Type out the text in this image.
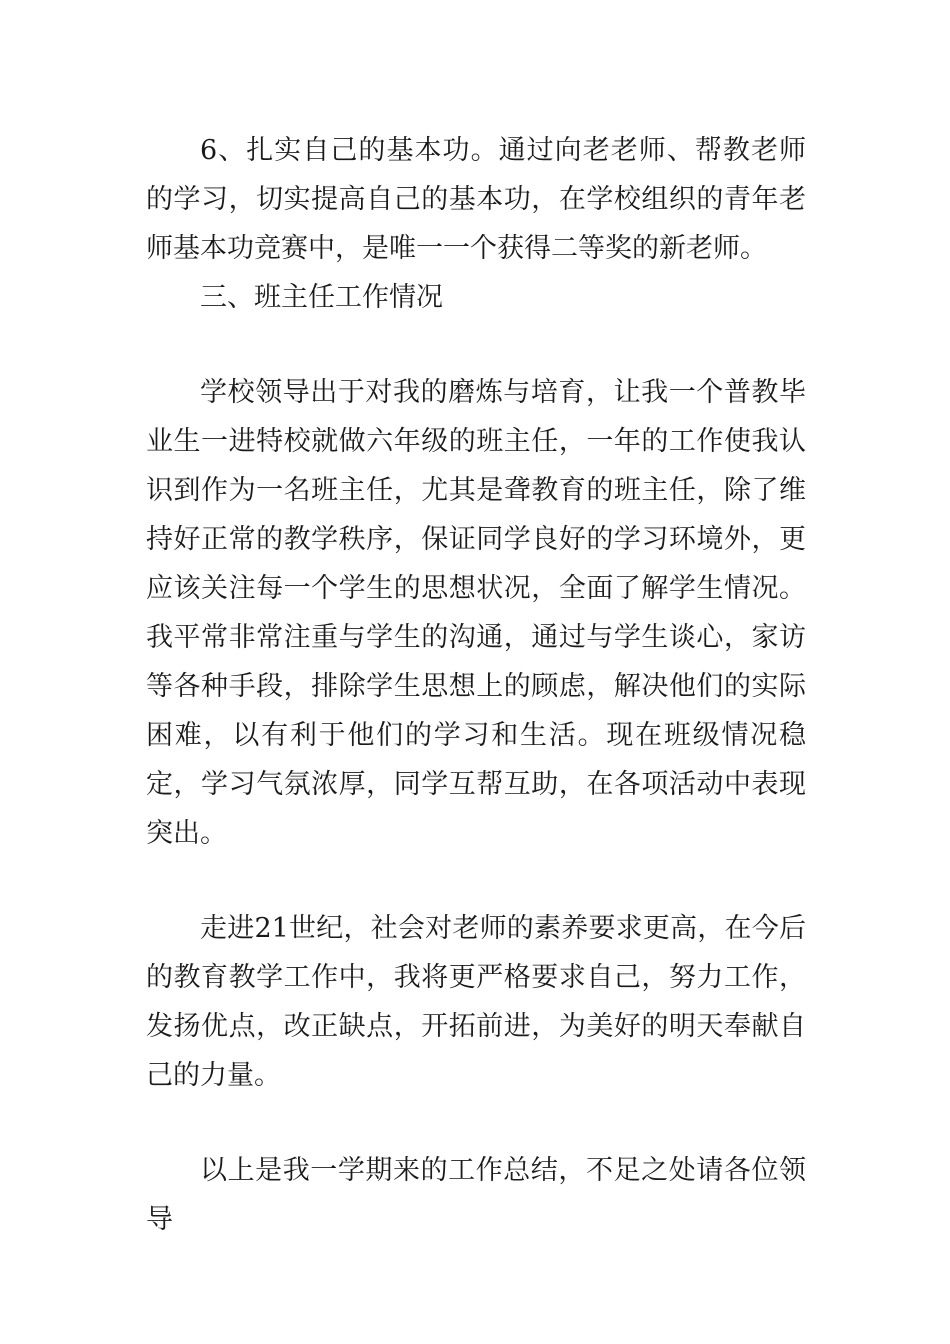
6、扎实自己的基本功。通过向老老师、帮教老师的学习，切实提高自己的基本功，在学校组织的青年老师基本功竞赛中，是唯一一个获得二等奖的新老师。

三、班主任工作情况

学校领导出于对我的磨炼与培育，让我一个普教毕业生一进特校就做六年级的班主任，一年的工作使我认识到作为一名班主任，尤其是聋教育的班主任，除了维持好正常的教学秩序，保证同学良好的学习环境外，更应该关注每一个学生的思想状况，全面了解学生情况。我平常非常注重与学生的沟通，通过与学生谈心，家访等各种手段，排除学生思想上的顾虑，解决他们的实际困难，以有利于他们的学习和生活。现在班级情况稳定，学习气氛浓厚，同学互帮互助，在各项活动中表现突出。

走进21世纪，社会对老师的素养要求更高，在今后的教育教学工作中，我将更严格要求自己，努力工作，发扬优点，改正缺点，开拓前进，为美好的明天奉献自己的力量。

以上是我一学期来的工作总结，不足之处请各位领导
